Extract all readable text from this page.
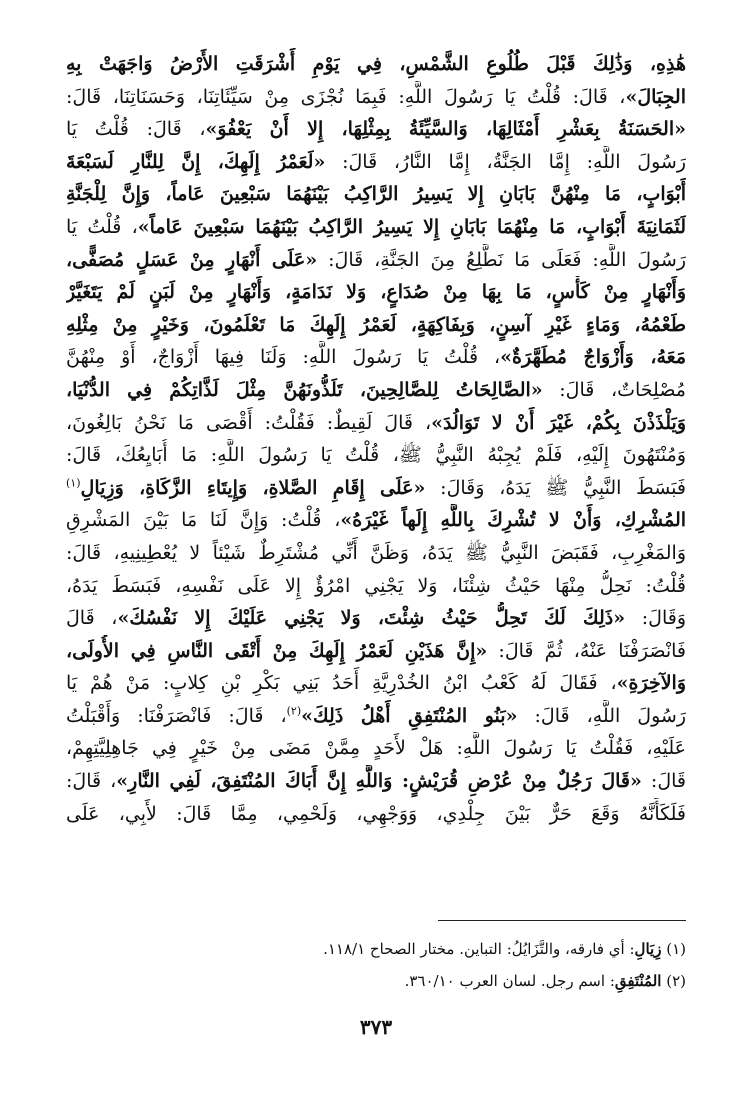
هَٰذِهِ، وَذَٰلِكَ قَبْلَ طُلُوعِ الشَّمْسِ، فِي يَوْمِ أَشْرَقَتِ الأَرْضُ وَاجَهَتْ بِهِ
الجِبَالَ»، قَالَ: قُلْتُ يَا رَسُولَ اللَّهِ: فَبِمَا نُجْزَى مِنْ سَيِّئَاتِنَا، وَحَسَنَاتِنَا، قَالَ:
«الحَسَنَةُ بِعَشْرِ أَمْثَالِهَا، وَالسَّيِّئَةُ بِمِثْلِهَا، إِلا أَنْ يَعْفُوَ»، قَالَ: قُلْتُ يَا
رَسُولَ اللَّهِ: إِمَّا الجَنَّةُ، إِمَّا النَّارُ، قَالَ: «لَعَمْرُ إِلَهِكَ، إِنَّ لِلنَّارِ لَسَبْعَةَ
أَبْوَابٍ، مَا مِنْهُنَّ بَابَانِ إِلا يَسِيرُ الرَّاكِبُ بَيْنَهُمَا سَبْعِينَ عَاماً، وَإِنَّ لِلْجَنَّةِ
لَثَمَانِيَةَ أَبْوَابٍ، مَا مِنْهُمَا بَابَانِ إِلا يَسِيرُ الرَّاكِبُ بَيْنَهُمَا سَبْعِينَ عَاماً»، قُلْتُ يَا
رَسُولَ اللَّهِ: فَعَلَى مَا نَطَّلِعُ مِنَ الجَنَّةِ، قَالَ: «عَلَى أَنْهَارٍ مِنْ عَسَلٍ مُصَفًّى،
وَأَنْهَارٍ مِنْ كَأْسٍ، مَا بِهَا مِنْ صُدَاعٍ، وَلا نَدَامَةٍ، وَأَنْهَارٍ مِنْ لَبَنٍ لَمْ يَتَغَيَّرْ
طَعْمُهُ، وَمَاءٍ غَيْرِ آسِنٍ، وَبِفَاكِهَةٍ، لَعَمْرُ إِلَهِكَ مَا تَعْلَمُونَ، وَخَيْرٍ مِنْ مِثْلِهِ
مَعَهُ، وَأَزْوَاجٌ مُطَهَّرَةٌ»، قُلْتُ يَا رَسُولَ اللَّهِ: وَلَنَا فِيهَا أَزْوَاجٌ، أَوْ مِنْهُنَّ
مُصْلِحَاتٌ، قَالَ: «الصَّالِحَاتُ لِلصَّالِحِينَ، تَلَذُّونَهُنَّ مِثْلَ لَذَّاتِكُمْ فِي الدُّنْيَا،
وَيَلْذَذْنَ بِكُمْ، غَيْرَ أَنْ لا تَوَالُدَ»، قَالَ لَقِيطٌ: فَقُلْتُ: أَقْصَى مَا نَحْنُ بَالِغُونَ،
وَمُنْتَهُونَ إِلَيْهِ، فَلَمْ يُجِبْهُ النَّبِيُّ ﷺ، قُلْتُ يَا رَسُولَ اللَّهِ: مَا أُبَايِعُكَ، قَالَ:
فَبَسَطَ النَّبِيُّ ﷺ يَدَهُ، وَقَالَ: «عَلَى إِقَامِ الصَّلاةِ، وَإِيتَاءِ الزَّكَاةِ، وَزِيَالِ$^{(١)}$
المُشْرِكِ، وَأَنْ لا تُشْرِكَ بِاللَّهِ إِلَهاً غَيْرَهُ»، قُلْتُ: وَإِنَّ لَنَا مَا بَيْنَ المَشْرِقِ
وَالمَغْرِبِ، فَقَبَضَ النَّبِيُّ ﷺ يَدَهُ، وَظَنَّ أَنِّي مُشْتَرِطٌ شَيْئاً لا يُعْطِينِيهِ، قَالَ:
قُلْتُ: نَحِلُّ مِنْهَا حَيْثُ شِئْنَا، وَلا يَجْنِي امْرُؤٌ إِلا عَلَى نَفْسِهِ، فَبَسَطَ يَدَهُ،
وَقَالَ: «ذَلِكَ لَكَ تَحِلُّ حَيْثُ شِئْتَ، وَلا يَجْنِي عَلَيْكَ إِلا نَفْسُكَ»، قَالَ
فَانْصَرَفْنَا عَنْهُ، ثُمَّ قَالَ: «إِنَّ هَذَيْنِ لَعَمْرُ إِلَهِكَ مِنْ أَتْقَى النَّاسِ فِي الأُولَى،
وَالآخِرَةِ»، فَقَالَ لَهُ كَعْبُ ابْنُ الخُدْرِيَّةِ أَحَدُ بَنِي بَكْرِ بْنِ كِلابٍ: مَنْ هُمْ يَا
رَسُولَ اللَّهِ، قَالَ: «بَنُو المُنْتَفِقِ أَهْلُ ذَلِكَ»$^{(٢)}$، قَالَ: فَانْصَرَفْنَا: وَأَقْبَلْتُ
عَلَيْهِ، فَقُلْتُ يَا رَسُولَ اللَّهِ: هَلْ لأَحَدٍ مِمَّنْ مَضَى مِنْ خَيْرٍ فِي جَاهِلِيَّتِهِمْ،
قَالَ: «قَالَ رَجُلٌ مِنْ عُرْضِ قُرَيْشٍ: وَاللَّهِ إِنَّ أَبَاكَ المُنْتَفِقَ، لَفِي النَّارِ»، قَالَ:
فَلَكَأَنَّهُ وَقَعَ حَرٌّ بَيْنَ جِلْدِي، وَوَجْهِي، وَلَحْمِي، مِمَّا قَالَ: لأَبِي، عَلَى
(١) زِيَالِ: أي فارقه، والتَّزَايُلُ: التباين. مختار الصحاح ١١٨/١.
(٢) المُنْتَفِقِ: اسم رجل. لسان العرب ٣٦٠/١٠.
٣٧٣
